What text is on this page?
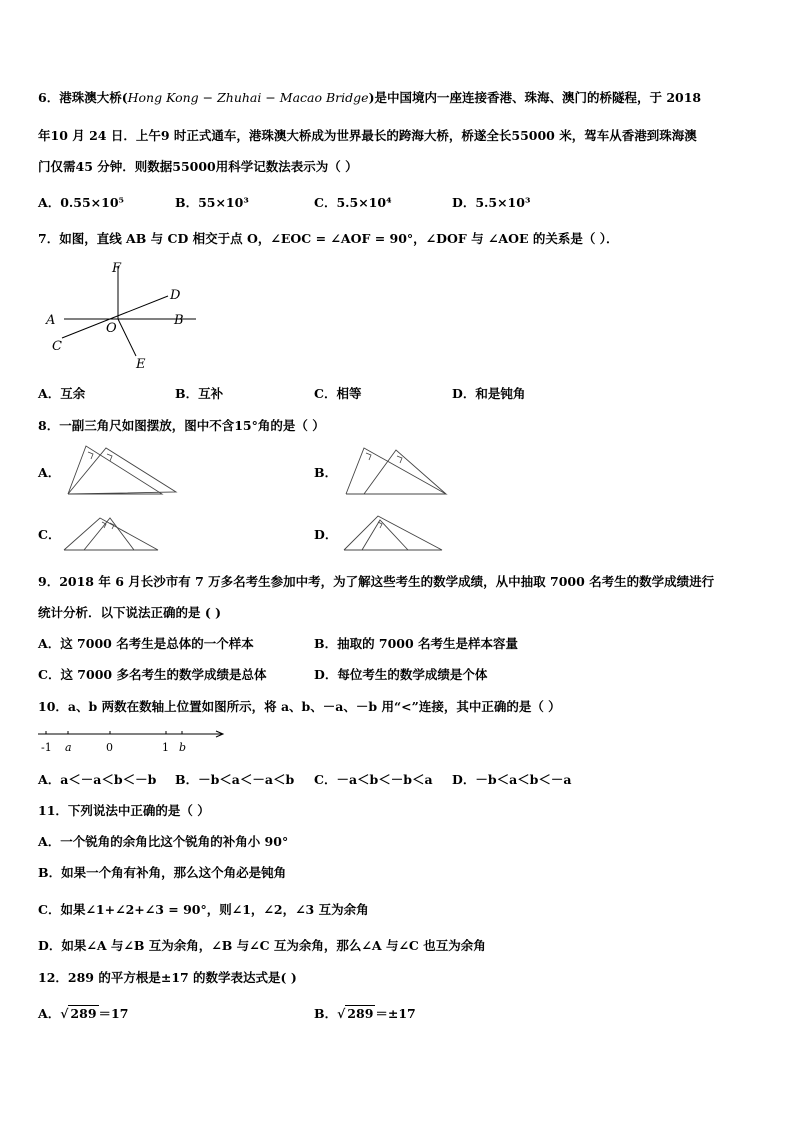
6．港珠澳大桥(Hong Kong − Zhuhai − Macao Bridge)是中国境内一座连接香港、珠海、澳门的桥隧程，于 2018
年10 月 24 日．上午9 时正式通车，港珠澳大桥成为世界最长的跨海大桥，桥遂全长55000 米，驾车从香港到珠海澳
门仅需45 分钟．则数据55000用科学记数法表示为（ ）
A．0.55×10⁵	B．55×10³	C．5.5×10⁴	D．5.5×10³
7．如图，直线 AB 与 CD 相交于点 O，∠EOC = ∠AOF = 90°，∠DOF 与 ∠AOE 的关系是（ ）．
F
D
A
O
B
C
E
A．互余	B．互补	C．相等	D．和是钝角
8．一副三角尺如图摆放，图中不含15°角的是（ ）
A．	B．
C．	D．
9．2018 年 6 月长沙市有 7 万多名考生参加中考，为了解这些考生的数学成绩，从中抽取 7000 名考生的数学成绩进行
统计分析．以下说法正确的是 ( )
A．这 7000 名考生是总体的一个样本	B．抽取的 7000 名考生是样本容量
C．这 7000 多名考生的数学成绩是总体	D．每位考生的数学成绩是个体
10．a、b 两数在数轴上位置如图所示，将 a、b、－a、－b 用“<”连接，其中正确的是（ ）
-1 a	0	1 b
A．a＜－a＜b＜－b B．－b＜a＜－a＜b C．－a＜b＜－b＜a D．－b＜a＜b＜－a
11．下列说法中正确的是（ ）
A．一个锐角的余角比这个锐角的补角小 90°
B．如果一个角有补角，那么这个角必是钝角
C．如果∠1+∠2+∠3 = 90°，则∠1，∠2，∠3 互为余角
D．如果∠A 与∠B 互为余角，∠B 与∠C 互为余角，那么∠A 与∠C 也互为余角
12．289 的平方根是±17 的数学表达式是( )
A．√ 289 ＝17	B．√ 289 ＝±17
